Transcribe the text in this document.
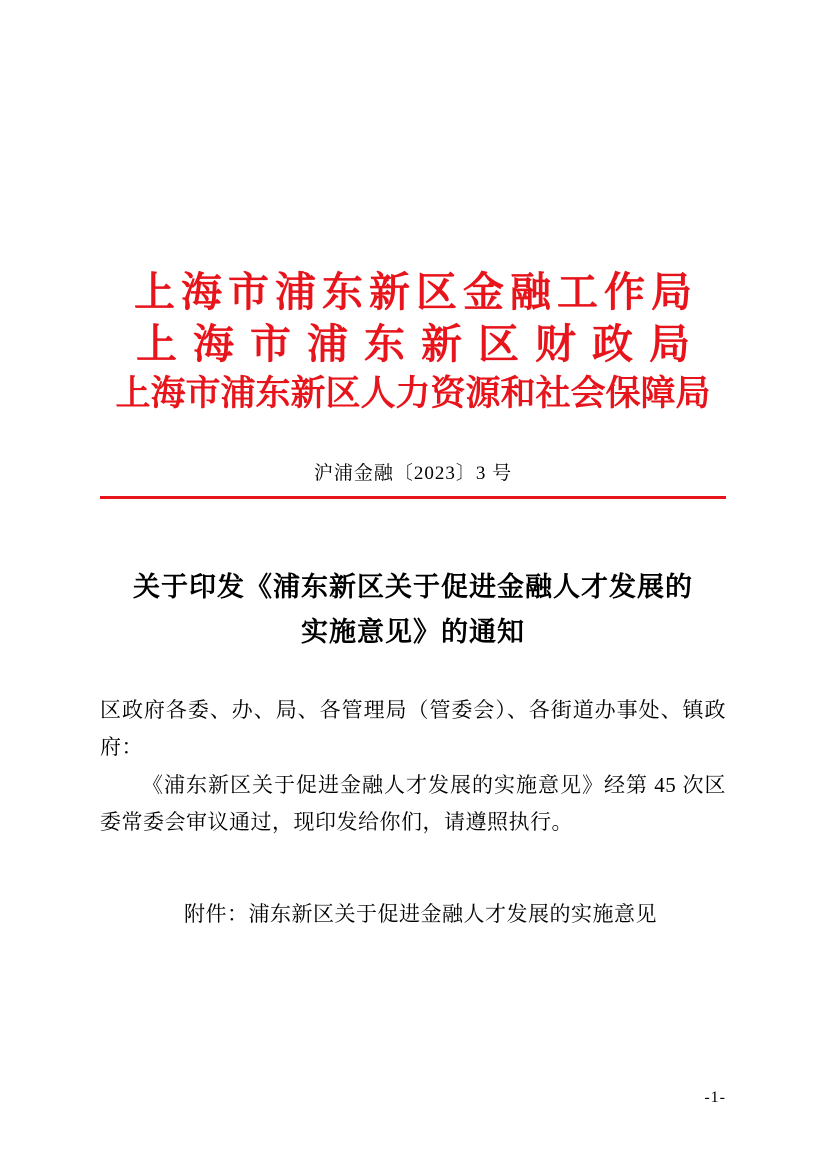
上海市浦东新区金融工作局
上海市浦东新区财政局
上海市浦东新区人力资源和社会保障局
沪浦金融〔2023〕3 号
关于印发《浦东新区关于促进金融人才发展的
实施意见》的通知

区政府各委、办、局、各管理局（管委会）、各街道办事处、镇政府：

《浦东新区关于促进金融人才发展的实施意见》经第 45 次区委常委会审议通过，现印发给你们，请遵照执行。

附件：浦东新区关于促进金融人才发展的实施意见
-1-
